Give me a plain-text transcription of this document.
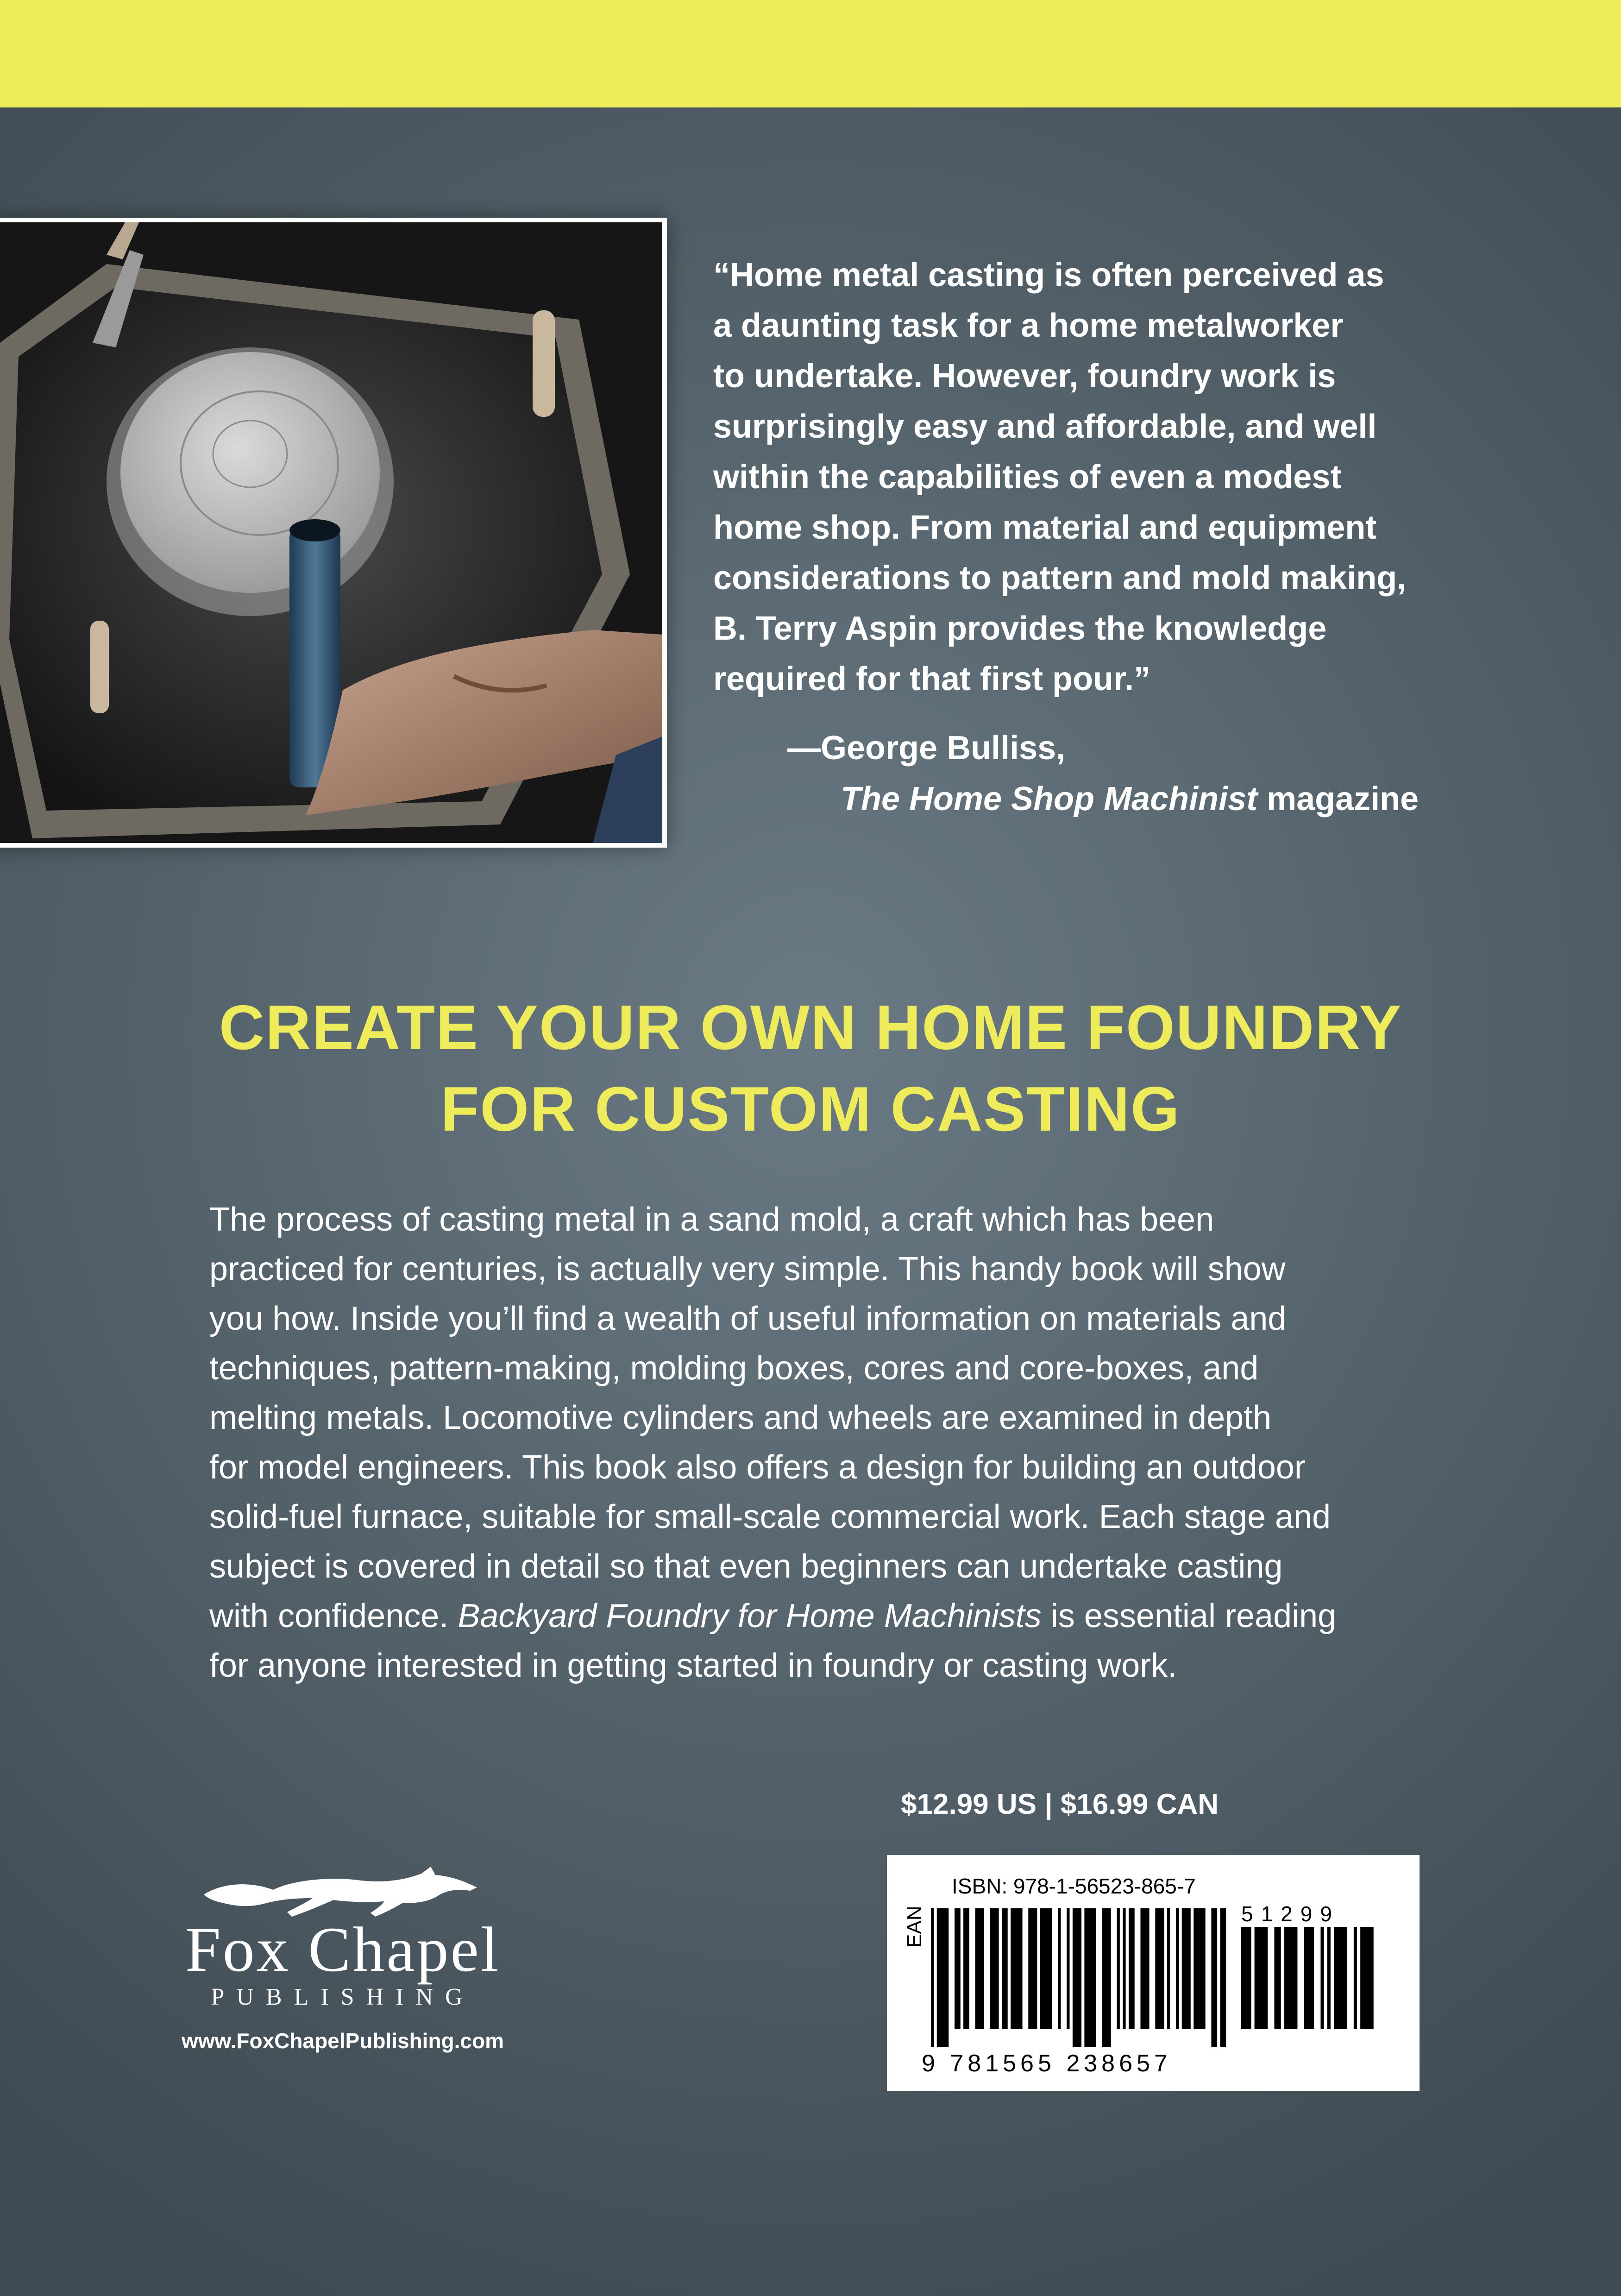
“Home metal casting is often perceived as
a daunting task for a home metalworker
to undertake. However, foundry work is
surprisingly easy and affordable, and well
within the capabilities of even a modest
home shop. From material and equipment
considerations to pattern and mold making,
B. Terry Aspin provides the knowledge
required for that first pour.”
—George Bulliss,
The Home Shop Machinist magazine
CREATE YOUR OWN HOME FOUNDRY
FOR CUSTOM CASTING
The process of casting metal in a sand mold, a craft which has been
practiced for centuries, is actually very simple. This handy book will show
you how. Inside you’ll find a wealth of useful information on materials and
techniques, pattern-making, molding boxes, cores and core-boxes, and
melting metals. Locomotive cylinders and wheels are examined in depth
for model engineers. This book also offers a design for building an outdoor
solid-fuel furnace, suitable for small-scale commercial work. Each stage and
subject is covered in detail so that even beginners can undertake casting
with confidence. Backyard Foundry for Home Machinists is essential reading
for anyone interested in getting started in foundry or casting work.
$12.99 US | $16.99 CAN
ISBN: 978-1-56523-865-7
EAN	51299
9 781565 238657
Fox Chapel
PUBLISHING
www.FoxChapelPublishing.com
